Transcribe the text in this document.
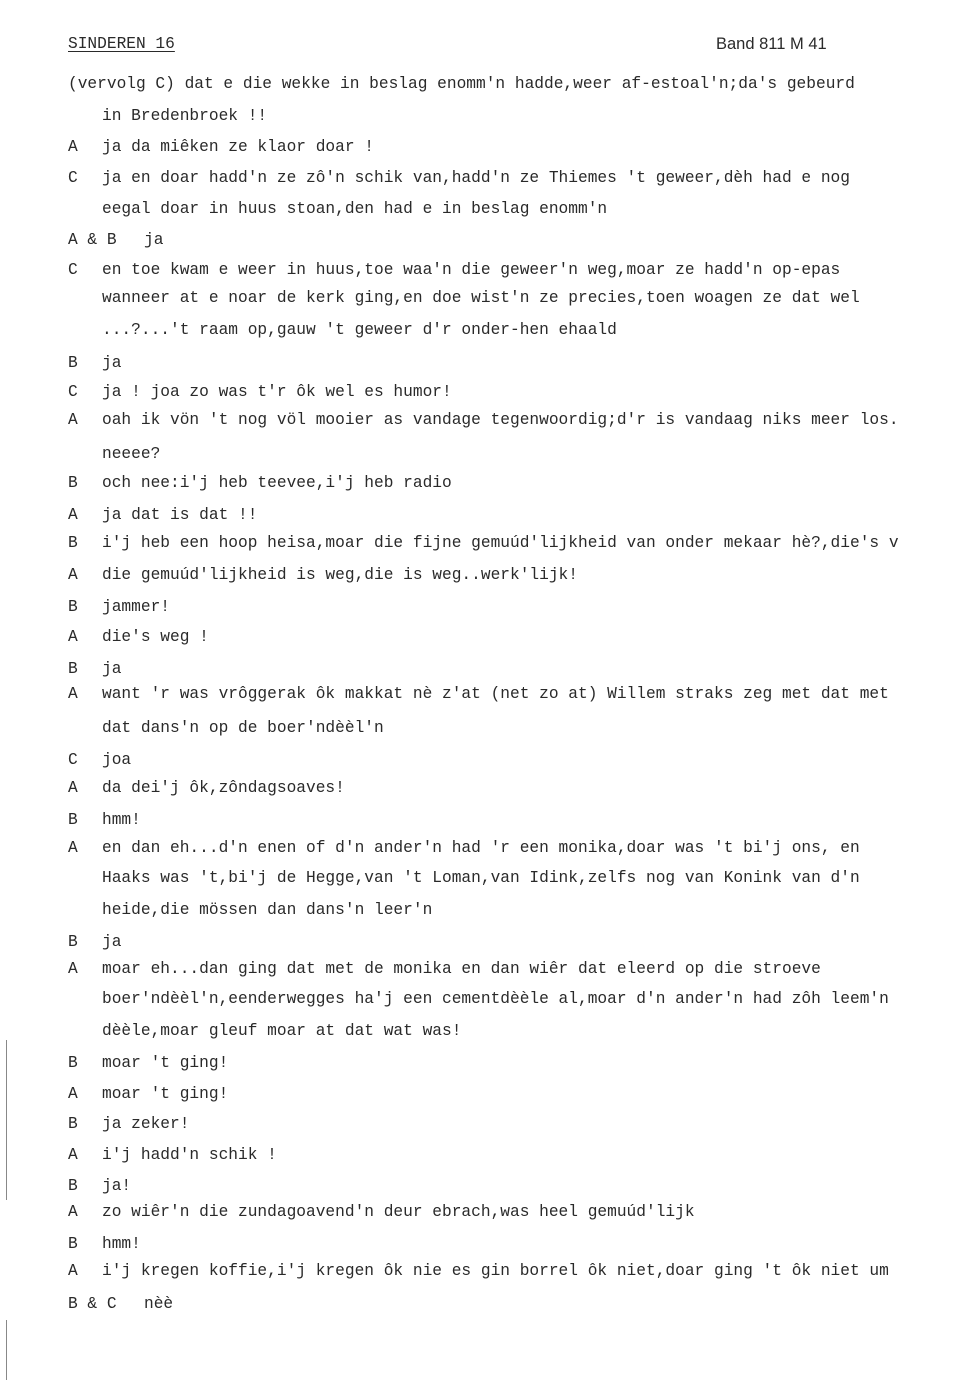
SINDEREN 16	Band 811 M 41
(vervolg C) dat e die wekke in beslag enomm'n hadde,weer af-estoal'n;da's gebeurd
in Bredenbroek !!
A	ja da miêken ze klaor doar !
C	ja en doar hadd'n ze zô'n schik van,hadd'n ze Thiemes 't geweer,dèh had e nog
eegal doar in huus stoan,den had e in beslag enomm'n
A & B	ja
C	en toe kwam e weer in huus,toe waa'n die geweer'n weg,moar ze hadd'n op-epas
wanneer at e noar de kerk ging,en doe wist'n ze precies,toen woagen ze dat wel
...?...'t raam op,gauw 't geweer d'r onder-hen ehaald
B	ja
C	ja ! joa zo was t'r ôk wel es humor!
A	oah ik vön 't nog völ mooier as vandage tegenwoordig;d'r is vandaag niks meer los.
neeee?
B	och nee:i'j heb teevee,i'j heb radio
A	ja dat is dat !!
B	i'j heb een hoop heisa,moar die fijne gemuúd'lijkheid van onder mekaar hè?,die's v
A	die gemuúd'lijkheid is weg,die is weg..werk'lijk!
B	jammer!
A	die's weg !
B	ja
A	want 'r was vrôggerak ôk makkat nè z'at (net zo at) Willem straks zeg met dat met
dat dans'n op de boer'ndèèl'n
C	joa
A	da dei'j ôk,zôndagsoaves!
B	hmm!
A	en dan eh...d'n enen of d'n ander'n had 'r een monika,doar was 't bi'j ons, en
Haaks was 't,bi'j de Hegge,van 't Loman,van Idink,zelfs nog van Konink van d'n
heide,die mössen dan dans'n leer'n
B	ja
A	moar eh...dan ging dat met de monika en dan wiêr dat eleerd op die stroeve
boer'ndèèl'n,eenderwegges ha'j een cementdèèle al,moar d'n ander'n had zôh leem'n
dèèle,moar gleuf moar at dat wat was!
B	moar 't ging!
A	moar 't ging!
B	ja zeker!
A	i'j hadd'n schik !
B	ja!
A	zo wiêr'n die zundagoavend'n deur ebrach,was heel gemuúd'lijk
B	hmm!
A	i'j kregen koffie,i'j kregen ôk nie es gin borrel ôk niet,doar ging 't ôk niet um
B & C	nèè
